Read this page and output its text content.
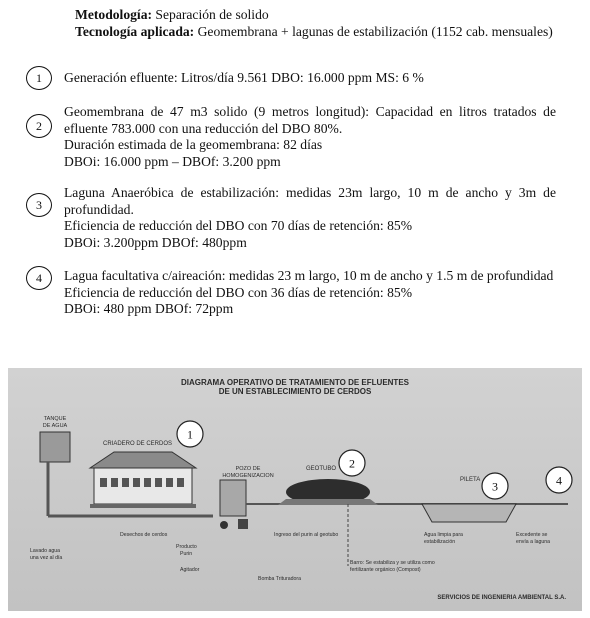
Metodología: Separación de solido
Tecnología aplicada: Geomembrana + lagunas de estabilización (1152 cab. mensuales)
1	Generación efluente: Litros/día 9.561 DBO: 16.000 ppm MS: 6 %

2

Geomembrana de 47 m3 solido (9 metros longitud): Capacidad en litros tratados de efluente 783.000 con una reducción del DBO 80%.

Duración estimada de la geomembrana: 82 días

DBOi: 16.000 ppm – DBOf: 3.200 ppm

3

Laguna Anaeróbica de estabilización: medidas 23m largo, 10 m de ancho y 3m de profundidad.

Eficiencia de reducción del DBO con 70 días de retención: 85%

DBOi: 3.200ppm DBOf: 480ppm

4	Lagua facultativa c/aireación: medidas 23 m largo, 10 m de ancho y 1.5 m de profundidad

Eficiencia de reducción del DBO con 36 días de retención: 85%

DBOi: 480 ppm DBOf: 72ppm

DIAGRAMA OPERATIVO DE TRATAMIENTO DE EFLUENTES
DE UN ESTABLECIMIENTO DE CERDOS
TANQUE
DE AGUA
CRIADERO DE CERDOS
POZO DE
HOMOGENIZACION
GEOTUBO
PILETA
Desechos de cerdos
Lavado agua
una vez al día
Producto
Purin
Agitador
Bomba Trituradora
Ingreso del purin al geotubo	Agua limpia para
estabilización
Excedente se
envía a laguna
Barro: Se estabiliza y se utiliza como
fertilizante orgánico (Compost)
SERVICIOS DE INGENIERIA AMBIENTAL S.A.
1
2
3	4
